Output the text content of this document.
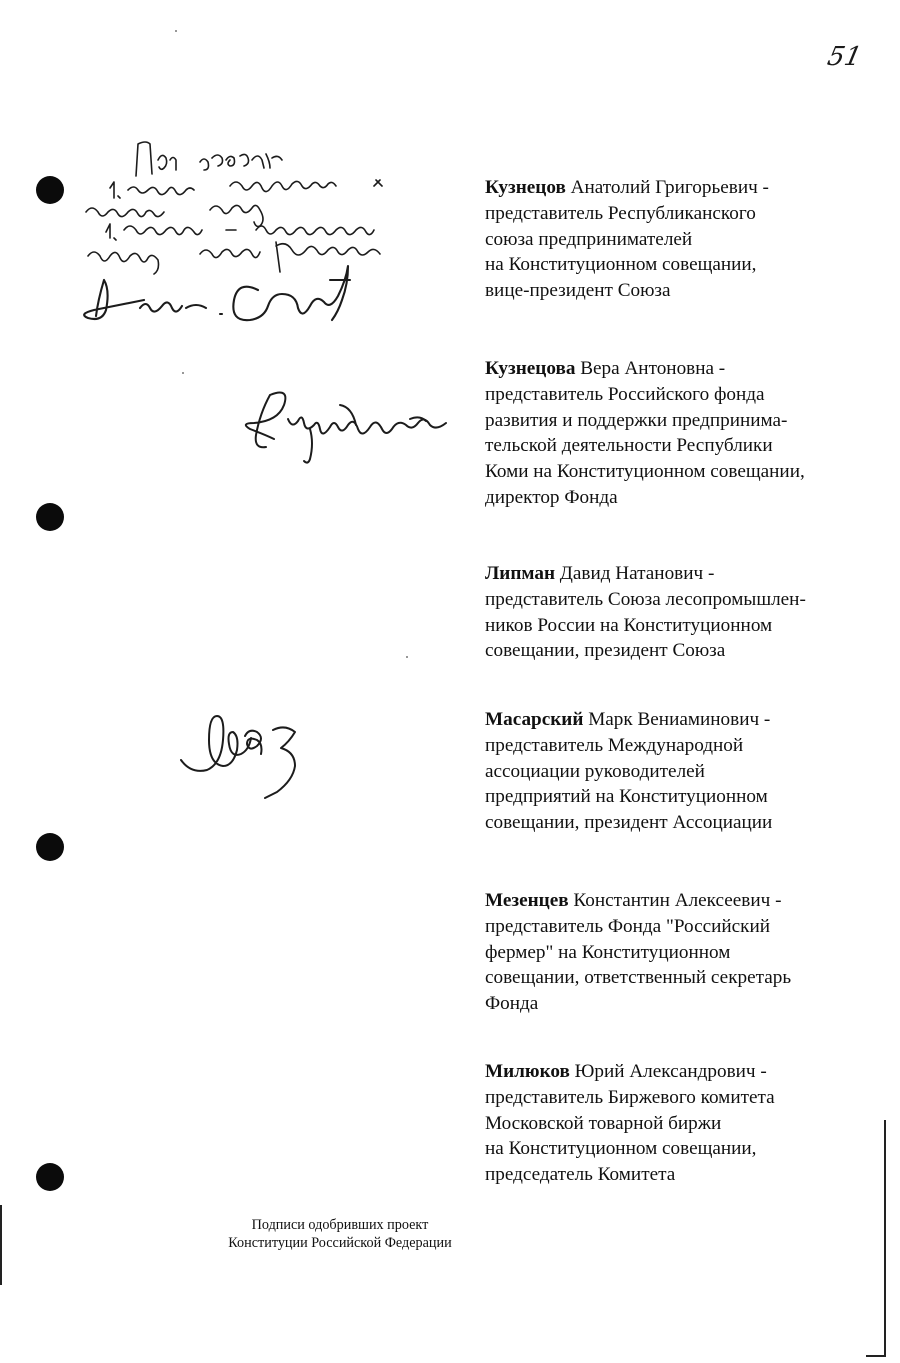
51
Кузнецов Анатолий Григорьевич -
представитель Республиканского
союза предпринимателей
на Конституционном совещании,
вице-президент Союза
Кузнецова Вера Антоновна -
представитель Российского фонда
развития и поддержки предпринима-
тельской деятельности Республики
Коми на Конституционном совещании,
директор Фонда
Липман Давид Натанович -
представитель Союза лесопромышлен-
ников России на Конституционном
совещании, президент Союза
Масарский Марк Вениаминович -
представитель Международной
ассоциации руководителей
предприятий на Конституционном
совещании, президент Ассоциации
Мезенцев Константин Алексеевич -
представитель Фонда "Российский
фермер" на Конституционном
совещании, ответственный секретарь
Фонда
Милюков Юрий Александрович -
представитель Биржевого комитета
Московской товарной биржи
на Конституционном совещании,
председатель Комитета
Подписи одобривших проект
Конституции Российской Федерации
